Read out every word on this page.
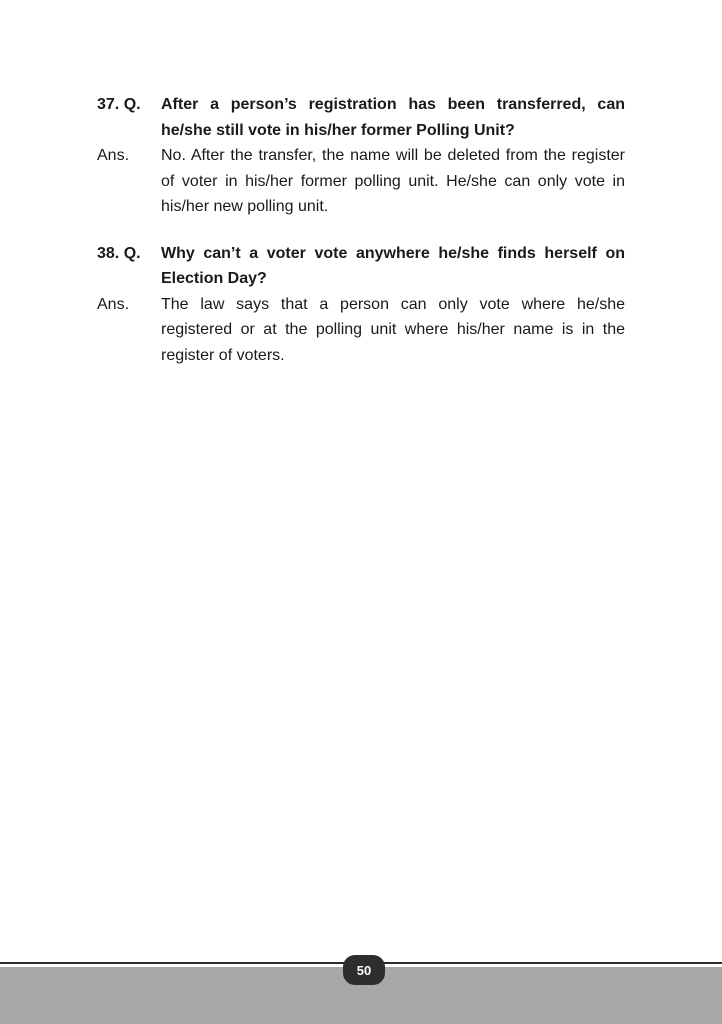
37. Q.	After a person’s registration has been transferred, can he/she still vote in his/her former Polling Unit?
Ans.	No. After the transfer, the name will be deleted from the register of voter in his/her former polling unit. He/she can only vote in his/her new polling unit.
38. Q.	Why can’t a voter vote anywhere he/she finds herself on Election Day?
Ans.	The law says that a person can only vote where he/she registered or at the polling unit where his/her name is in the register of voters.
50
